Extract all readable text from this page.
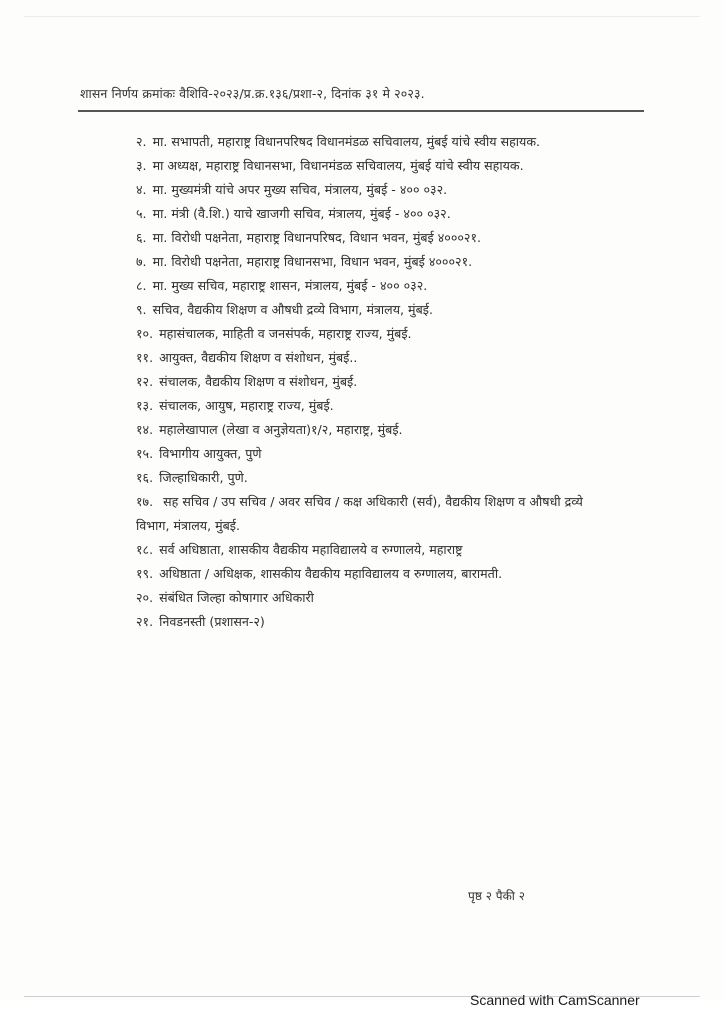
शासन निर्णय क्रमांकः वैशिवि-२०२३/प्र.क्र.१३६/प्रशा-२, दिनांक ३१ मे २०२३.
२. मा. सभापती, महाराष्ट्र विधानपरिषद विधानमंडळ सचिवालय, मुंबई यांचे स्वीय सहायक.
३. मा अध्यक्ष, महाराष्ट्र विधानसभा, विधानमंडळ सचिवालय, मुंबई यांचे स्वीय सहायक.
४. मा. मुख्यमंत्री यांचे अपर मुख्य सचिव, मंत्रालय, मुंबई - ४०० ०३२.
५. मा. मंत्री (वै.शि.) याचे खाजगी सचिव, मंत्रालय, मुंबई - ४०० ०३२.
६. मा. विरोधी पक्षनेता, महाराष्ट्र विधानपरिषद, विधान भवन, मुंबई ४०००२१.
७. मा. विरोधी पक्षनेता, महाराष्ट्र विधानसभा, विधान भवन, मुंबई ४०००२१.
८. मा. मुख्य सचिव, महाराष्ट्र शासन, मंत्रालय, मुंबई - ४०० ०३२.
९. सचिव, वैद्यकीय शिक्षण व औषधी द्रव्ये विभाग, मंत्रालय, मुंबई.
१०. महासंचालक, माहिती व जनसंपर्क, महाराष्ट्र राज्य, मुंबई.
११. आयुक्त, वैद्यकीय शिक्षण व संशोधन, मुंबई..
१२. संचालक, वैद्यकीय शिक्षण व संशोधन, मुंबई.
१३. संचालक, आयुष, महाराष्ट्र राज्य, मुंबई.
१४. महालेखापाल (लेखा व अनुज्ञेयता)१/२, महाराष्ट्र, मुंबई.
१५. विभागीय आयुक्त, पुणे
१६. जिल्हाधिकारी, पुणे.
१७. सह सचिव / उप सचिव / अवर सचिव / कक्ष अधिकारी (सर्व), वैद्यकीय शिक्षण व औषधी द्रव्ये विभाग, मंत्रालय, मुंबई.
१८. सर्व अधिष्ठाता, शासकीय वैद्यकीय महाविद्यालये व रुग्णालये, महाराष्ट्र
१९. अधिष्ठाता / अधिक्षक, शासकीय वैद्यकीय महाविद्यालय व रुग्णालय, बारामती.
२०. संबंधित जिल्हा कोषागार अधिकारी
२१. निवडनस्ती (प्रशासन-२)
पृष्ठ २ पैकी २
Scanned with CamScanner
